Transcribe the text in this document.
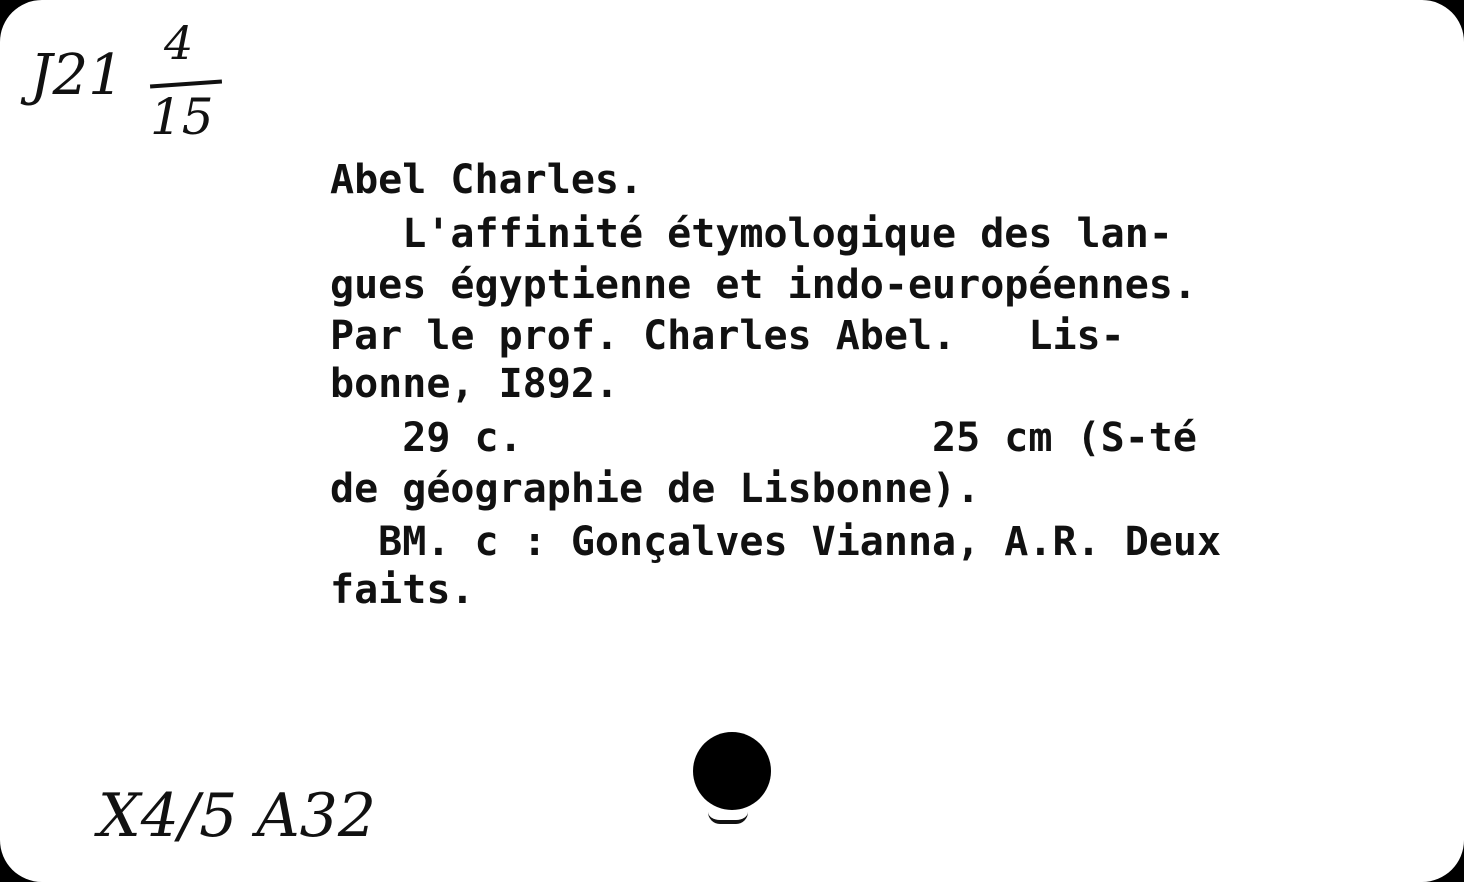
Ј21 4
15
Abel Charles.
L'affinité étymologique des lan-
gues égyptienne et indo-européennes.
Par le prof. Charles Abel.   Lis-
bonne, I892.
29 c.                 25 cm (S-té
de géographie de Lisbonne).
BM. c : Gonçalves Vianna, A.R. Deux
faits.
X4/5 A32
